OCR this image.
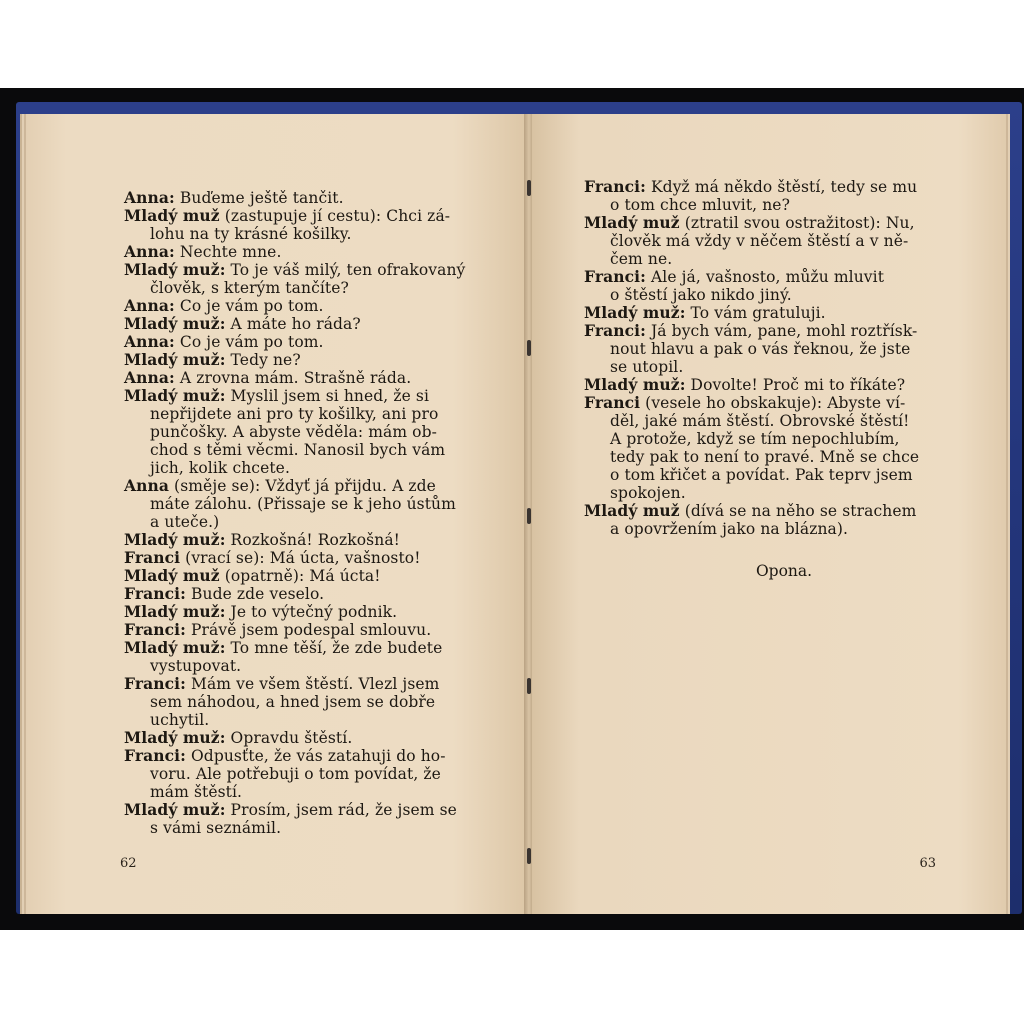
Anna: Buďeme ještě tančit.
Mladý muž (zastupuje jí cestu): Chci zá-
lohu na ty krásné košilky.
Anna: Nechte mne.
Mladý muž: To je váš milý, ten ofrakovaný
člověk, s kterým tančíte?
Anna: Co je vám po tom.
Mladý muž: A máte ho ráda?
Anna: Co je vám po tom.
Mladý muž: Tedy ne?
Anna: A zrovna mám. Strašně ráda.
Mladý muž: Myslil jsem si hned, že si
nepřijdete ani pro ty košilky, ani pro
punčošky. A abyste věděla: mám ob-
chod s těmi věcmi. Nanosil bych vám
jich, kolik chcete.
Anna (směje se): Vždyť já přijdu. A zde
máte zálohu. (Přissaje se k jeho ústům
a uteče.)
Mladý muž: Rozkošná! Rozkošná!
Franci (vrací se): Má úcta, vašnosto!
Mladý muž (opatrně): Má úcta!
Franci: Bude zde veselo.
Mladý muž: Je to výtečný podnik.
Franci: Právě jsem podespal smlouvu.
Mladý muž: To mne těší, že zde budete
vystupovat.
Franci: Mám ve všem štěstí. Vlezl jsem
sem náhodou, a hned jsem se dobře
uchytil.
Mladý muž: Opravdu štěstí.
Franci: Odpusťte, že vás zatahuji do ho-
voru. Ale potřebuji o tom povídat, že
mám štěstí.
Mladý muž: Prosím, jsem rád, že jsem se
s vámi seznámil.
62
Franci: Když má někdo štěstí, tedy se mu
o tom chce mluvit, ne?
Mladý muž (ztratil svou ostražitost): Nu,
člověk má vždy v něčem štěstí a v ně-
čem ne.
Franci: Ale já, vašnosto, můžu mluvit
o štěstí jako nikdo jiný.
Mladý muž: To vám gratuluji.
Franci: Já bych vám, pane, mohl roztřísk-
nout hlavu a pak o vás řeknou, že jste
se utopil.
Mladý muž: Dovolte! Proč mi to říkáte?
Franci (vesele ho obskakuje): Abyste ví-
děl, jaké mám štěstí. Obrovské štěstí!
A protože, když se tím nepochlubím,
tedy pak to není to pravé. Mně se chce
o tom křičet a povídat. Pak teprv jsem
spokojen.
Mladý muž (dívá se na něho se strachem
a opovržením jako na blázna).
Opona.
63
